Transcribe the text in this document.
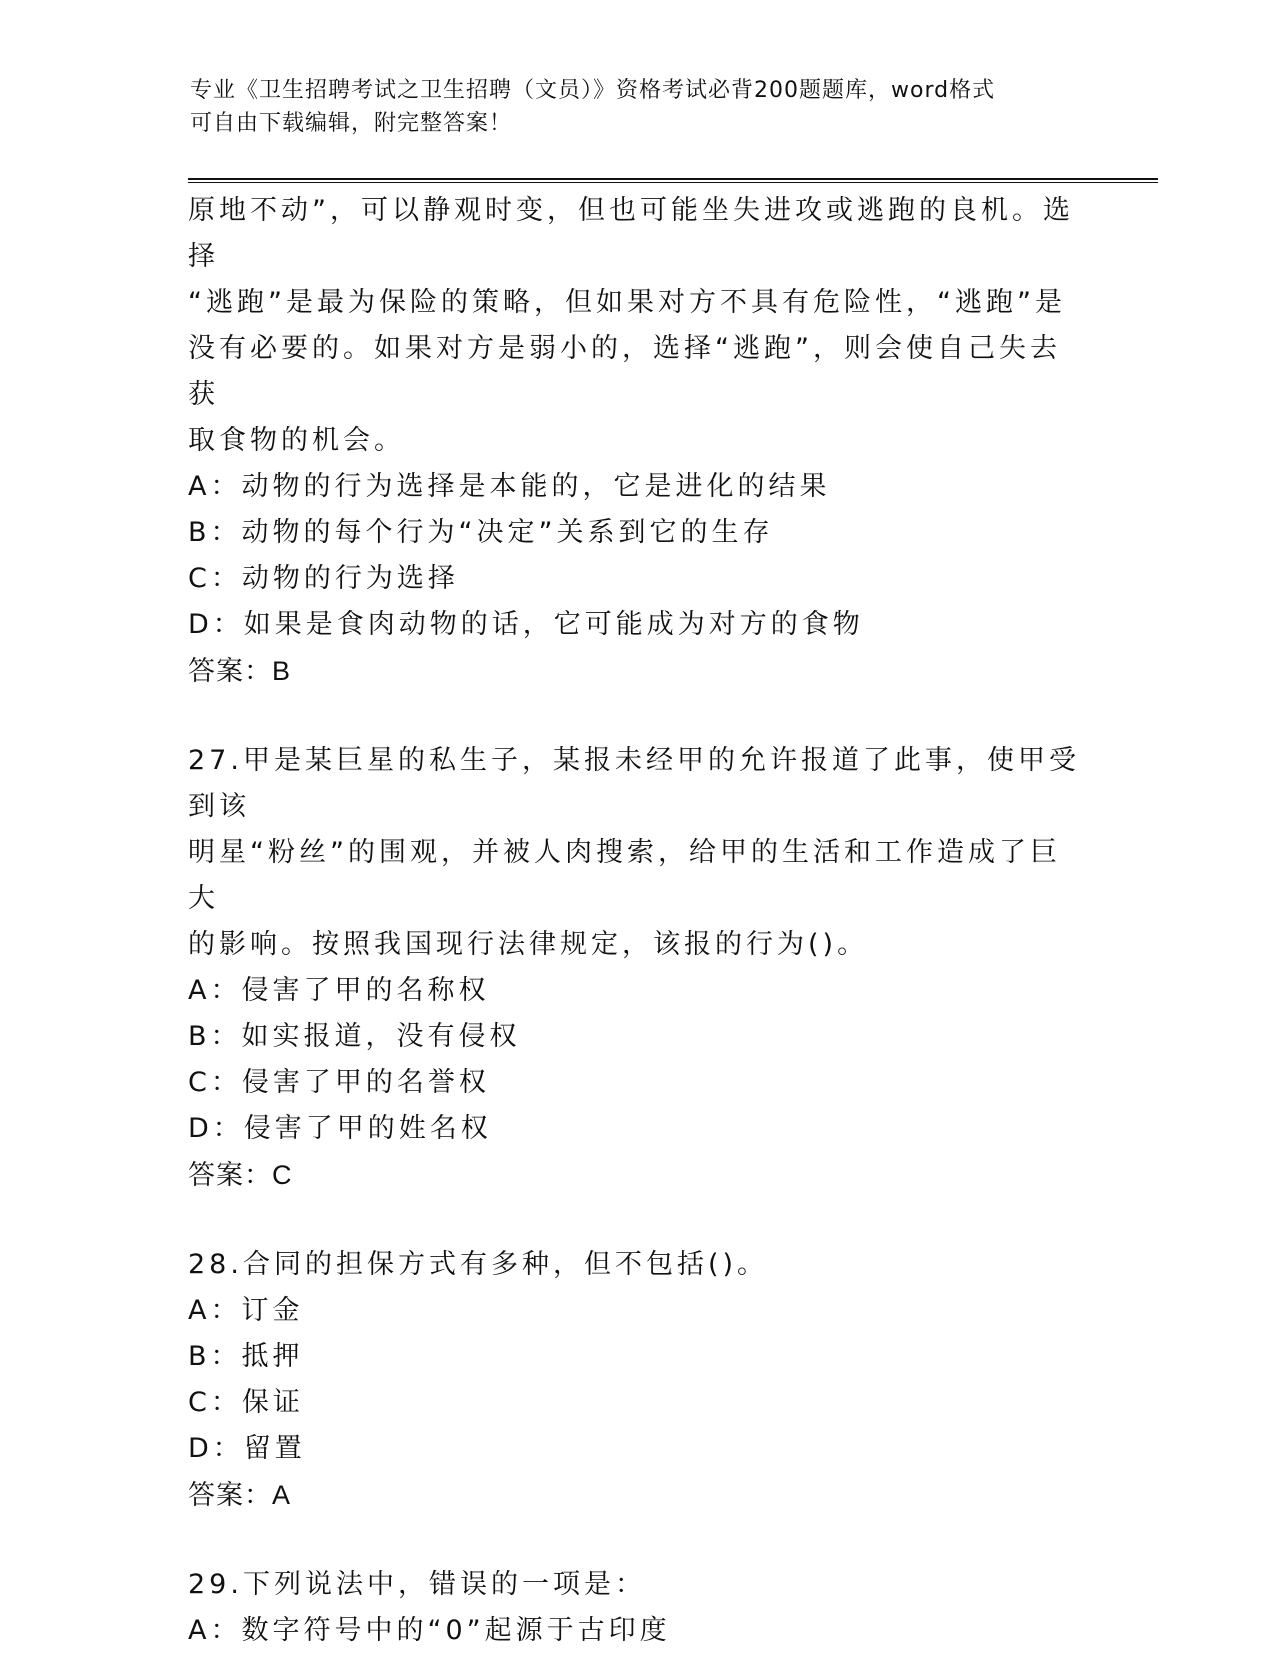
专业《卫生招聘考试之卫生招聘（文员）》资格考试必背200题题库，word格式
可自由下载编辑，附完整答案！

原地不动”，可以静观时变，但也可能坐失进攻或逃跑的良机。选择

“逃跑”是最为保险的策略，但如果对方不具有危险性，“逃跑”是

没有必要的。如果对方是弱小的，选择“逃跑”，则会使自己失去获

取食物的机会。

A：动物的行为选择是本能的，它是进化的结果

B：动物的每个行为“决定”关系到它的生存

C：动物的行为选择

D：如果是食肉动物的话，它可能成为对方的食物

答案：B

27.甲是某巨星的私生子，某报未经甲的允许报道了此事，使甲受到该

明星“粉丝”的围观，并被人肉搜索，给甲的生活和工作造成了巨大

的影响。按照我国现行法律规定，该报的行为()。

A：侵害了甲的名称权

B：如实报道，没有侵权

C：侵害了甲的名誉权

D：侵害了甲的姓名权

答案：C

28.合同的担保方式有多种，但不包括()。

A：订金

B：抵押

C：保证

D：留置

答案：A

29.下列说法中，错误的一项是：

A：数字符号中的“0”起源于古印度
